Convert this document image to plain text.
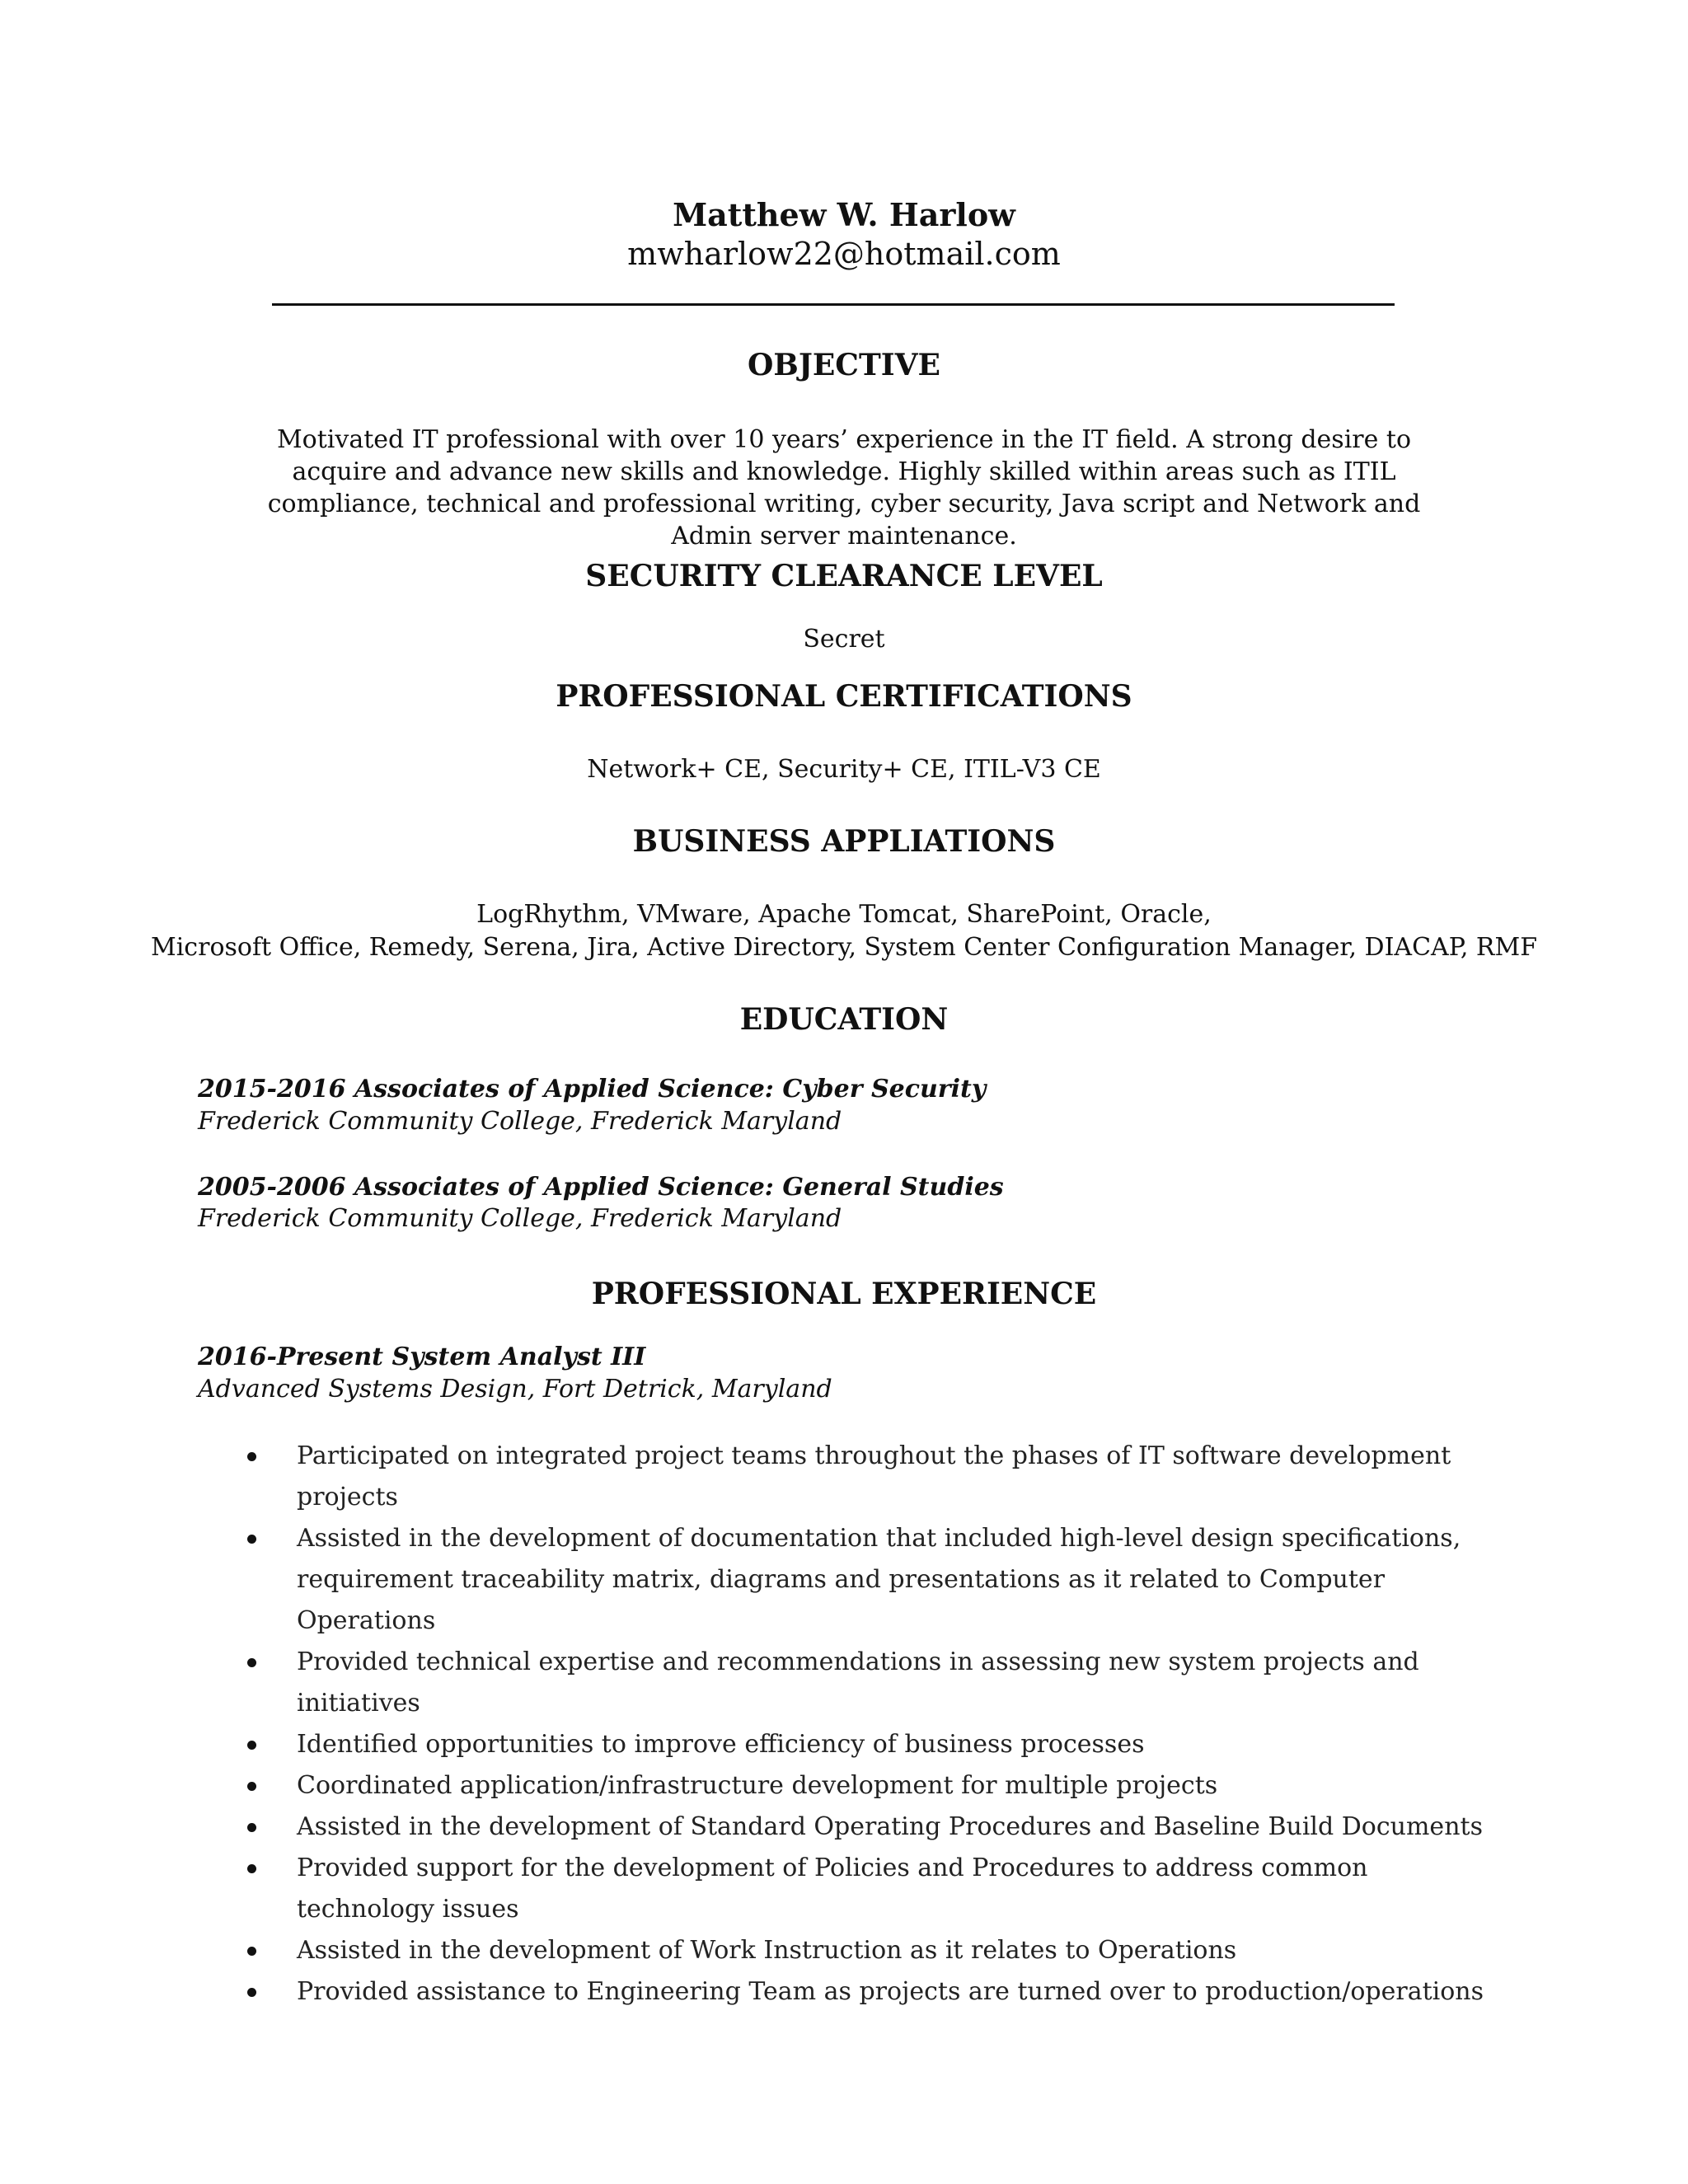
Matthew W. Harlow
mwharlow22@hotmail.com
OBJECTIVE
Motivated IT professional with over 10 years’ experience in the IT field. A strong desire to acquire and advance new skills and knowledge. Highly skilled within areas such as ITIL compliance, technical and professional writing, cyber security, Java script and Network and Admin server maintenance.
SECURITY CLEARANCE LEVEL
Secret
PROFESSIONAL CERTIFICATIONS
Network+ CE, Security+ CE, ITIL-V3 CE
BUSINESS APPLIATIONS
LogRhythm, VMware, Apache Tomcat, SharePoint, Oracle,
Microsoft Office, Remedy, Serena, Jira, Active Directory, System Center Configuration Manager, DIACAP, RMF
EDUCATION
2015-2016 Associates of Applied Science: Cyber Security
Frederick Community College, Frederick Maryland
2005-2006 Associates of Applied Science: General Studies
Frederick Community College, Frederick Maryland
PROFESSIONAL EXPERIENCE
2016-Present System Analyst III
Advanced Systems Design, Fort Detrick, Maryland
Participated on integrated project teams throughout the phases of IT software development projects
Assisted in the development of documentation that included high-level design specifications, requirement traceability matrix, diagrams and presentations as it related to Computer Operations
Provided technical expertise and recommendations in assessing new system projects and initiatives
Identified opportunities to improve efficiency of business processes
Coordinated application/infrastructure development for multiple projects
Assisted in the development of Standard Operating Procedures and Baseline Build Documents
Provided support for the development of Policies and Procedures to address common technology issues
Assisted in the development of Work Instruction as it relates to Operations
Provided assistance to Engineering Team as projects are turned over to production/operations
